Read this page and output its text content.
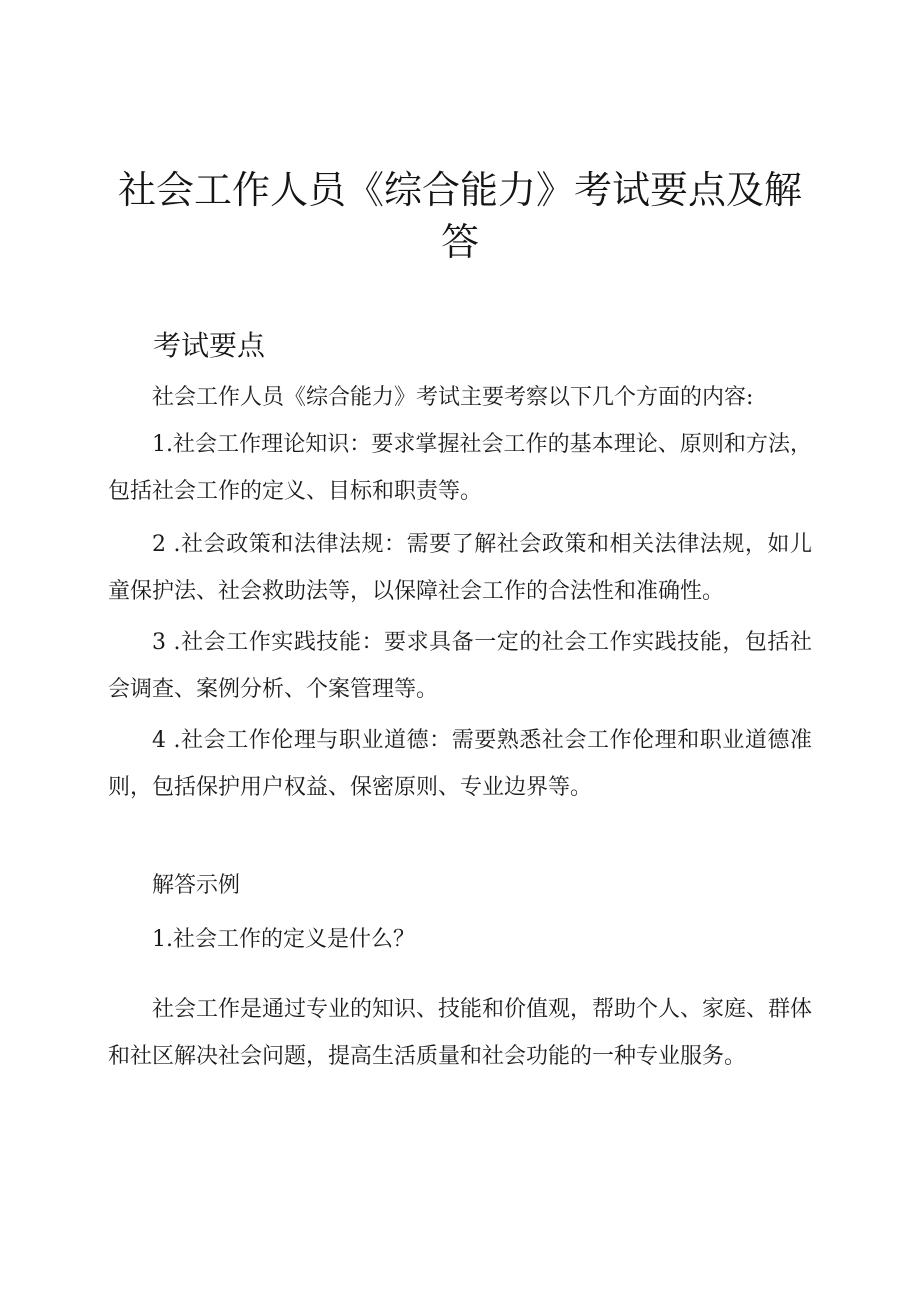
社会工作人员《综合能力》考试要点及解答
考试要点

社会工作人员《综合能力》考试主要考察以下几个方面的内容:

1.社会工作理论知识：要求掌握社会工作的基本理论、原则和方法，包括社会工作的定义、目标和职责等。

2 .社会政策和法律法规：需要了解社会政策和相关法律法规，如儿童保护法、社会救助法等，以保障社会工作的合法性和准确性。

3 .社会工作实践技能：要求具备一定的社会工作实践技能，包括社会调查、案例分析、个案管理等。

4 .社会工作伦理与职业道德：需要熟悉社会工作伦理和职业道德准则，包括保护用户权益、保密原则、专业边界等。

解答示例

1.社会工作的定义是什么？

社会工作是通过专业的知识、技能和价值观，帮助个人、家庭、群体和社区解决社会问题，提高生活质量和社会功能的一种专业服务。
